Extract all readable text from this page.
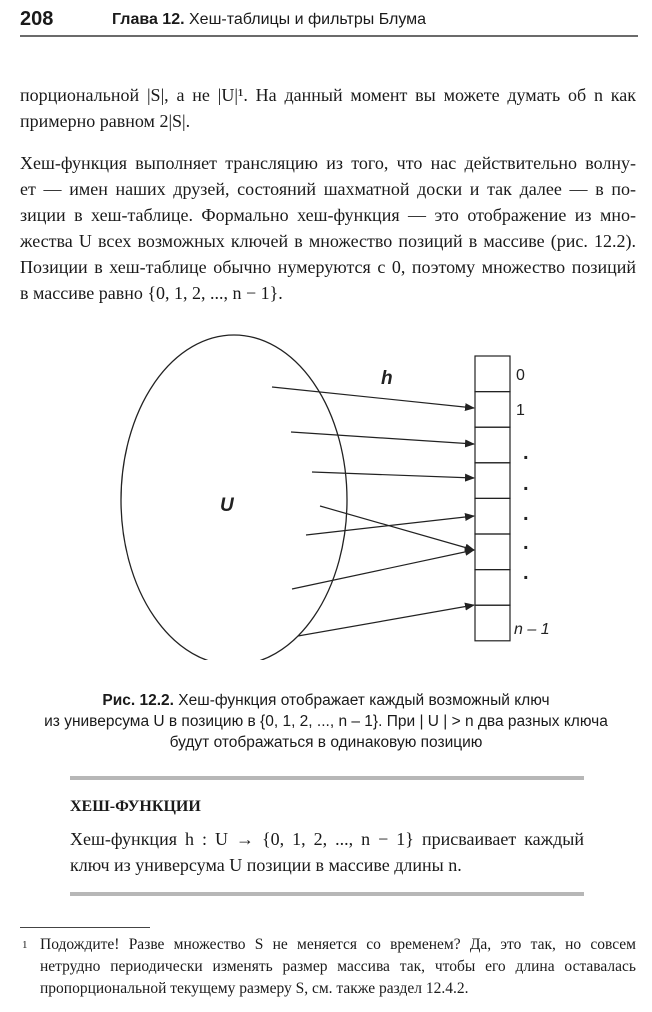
208	Глава 12. Хеш-таблицы и фильтры Блума
порциональной |S|, а не |U|¹. На данный момент вы можете думать об n как
примерно равном 2|S|.
Хеш-функция выполняет трансляцию из того, что нас действительно волну-
ет — имен наших друзей, состояний шахматной доски и так далее — в по-
зиции в хеш-таблице. Формально хеш-функция — это отображение из мно-
жества U всех возможных ключей в множество позиций в массиве (рис. 12.2).
Позиции в хеш-таблице обычно нумеруются с 0, поэтому множество позиций
в массиве равно {0, 1, 2, ..., n − 1}.
U
h	0
1
.
.
.
.
.
n – 1
Рис. 12.2. Хеш-функция отображает каждый возможный ключ
из универсума U в позицию в {0, 1, 2, ..., n – 1}. При | U | > n два разных ключа
будут отображаться в одинаковую позицию
ХЕШ-ФУНКЦИИ
Хеш-функция h : U → {0, 1, 2, ..., n − 1} присваивает каждый
ключ из универсума U позиции в массиве длины n.
1 Подождите! Разве множество S не меняется со временем? Да, это так, но совсем
нетрудно периодически изменять размер массива так, чтобы его длина оставалась
пропорциональной текущему размеру S, см. также раздел 12.4.2.
